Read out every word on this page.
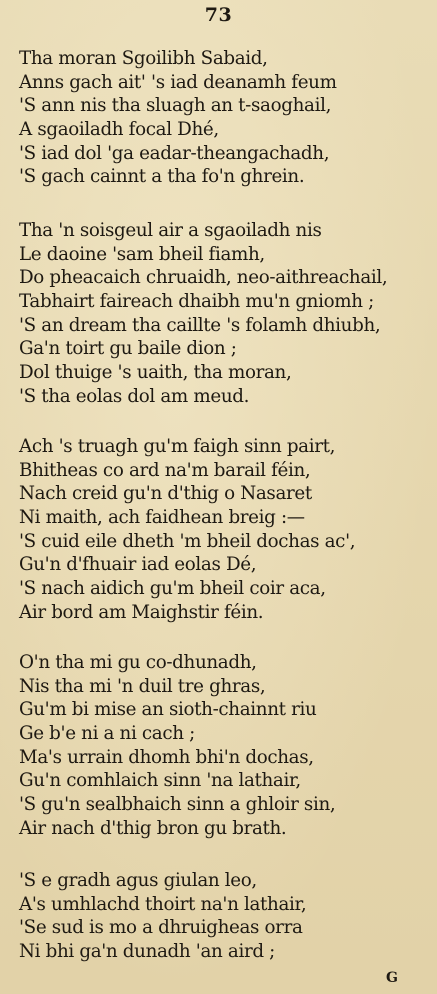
73
Tha moran Sgoilibh Sabaid,
Anns gach ait' 's iad deanamh feum
'S ann nis tha sluagh an t-saoghail,
A sgaoiladh focal Dhé,
'S iad dol 'ga eadar-theangachadh,
'S gach cainnt a tha fo'n ghrein.
Tha 'n soisgeul air a sgaoiladh nis
Le daoine 'sam bheil fiamh,
Do pheacaich chruaidh, neo-aithreachail,
Tabhairt faireach dhaibh mu'n gniomh ;
'S an dream tha caillte 's folamh dhiubh,
Ga'n toirt gu baile dion ;
Dol thuige 's uaith, tha moran,
'S tha eolas dol am meud.
Ach 's truagh gu'm faigh sinn pairt,
Bhitheas co ard na'm barail féin,
Nach creid gu'n d'thig o Nasaret
Ni maith, ach faidhean breig :—
'S cuid eile dheth 'm bheil dochas ac',
Gu'n d'fhuair iad eolas Dé,
'S nach aidich gu'm bheil coir aca,
Air bord am Maighstir féin.
O'n tha mi gu co-dhunadh,
Nis tha mi 'n duil tre ghras,
Gu'm bi mise an sioth-chainnt riu
Ge b'e ni a ni cach ;
Ma's urrain dhomh bhi'n dochas,
Gu'n comhlaich sinn 'na lathair,
'S gu'n sealbhaich sinn a ghloir sin,
Air nach d'thig bron gu brath.
'S e gradh agus giulan leo,
A's umhlachd thoirt na'n lathair,
'Se sud is mo a dhruigheas orra
Ni bhi ga'n dunadh 'an aird ;
G
